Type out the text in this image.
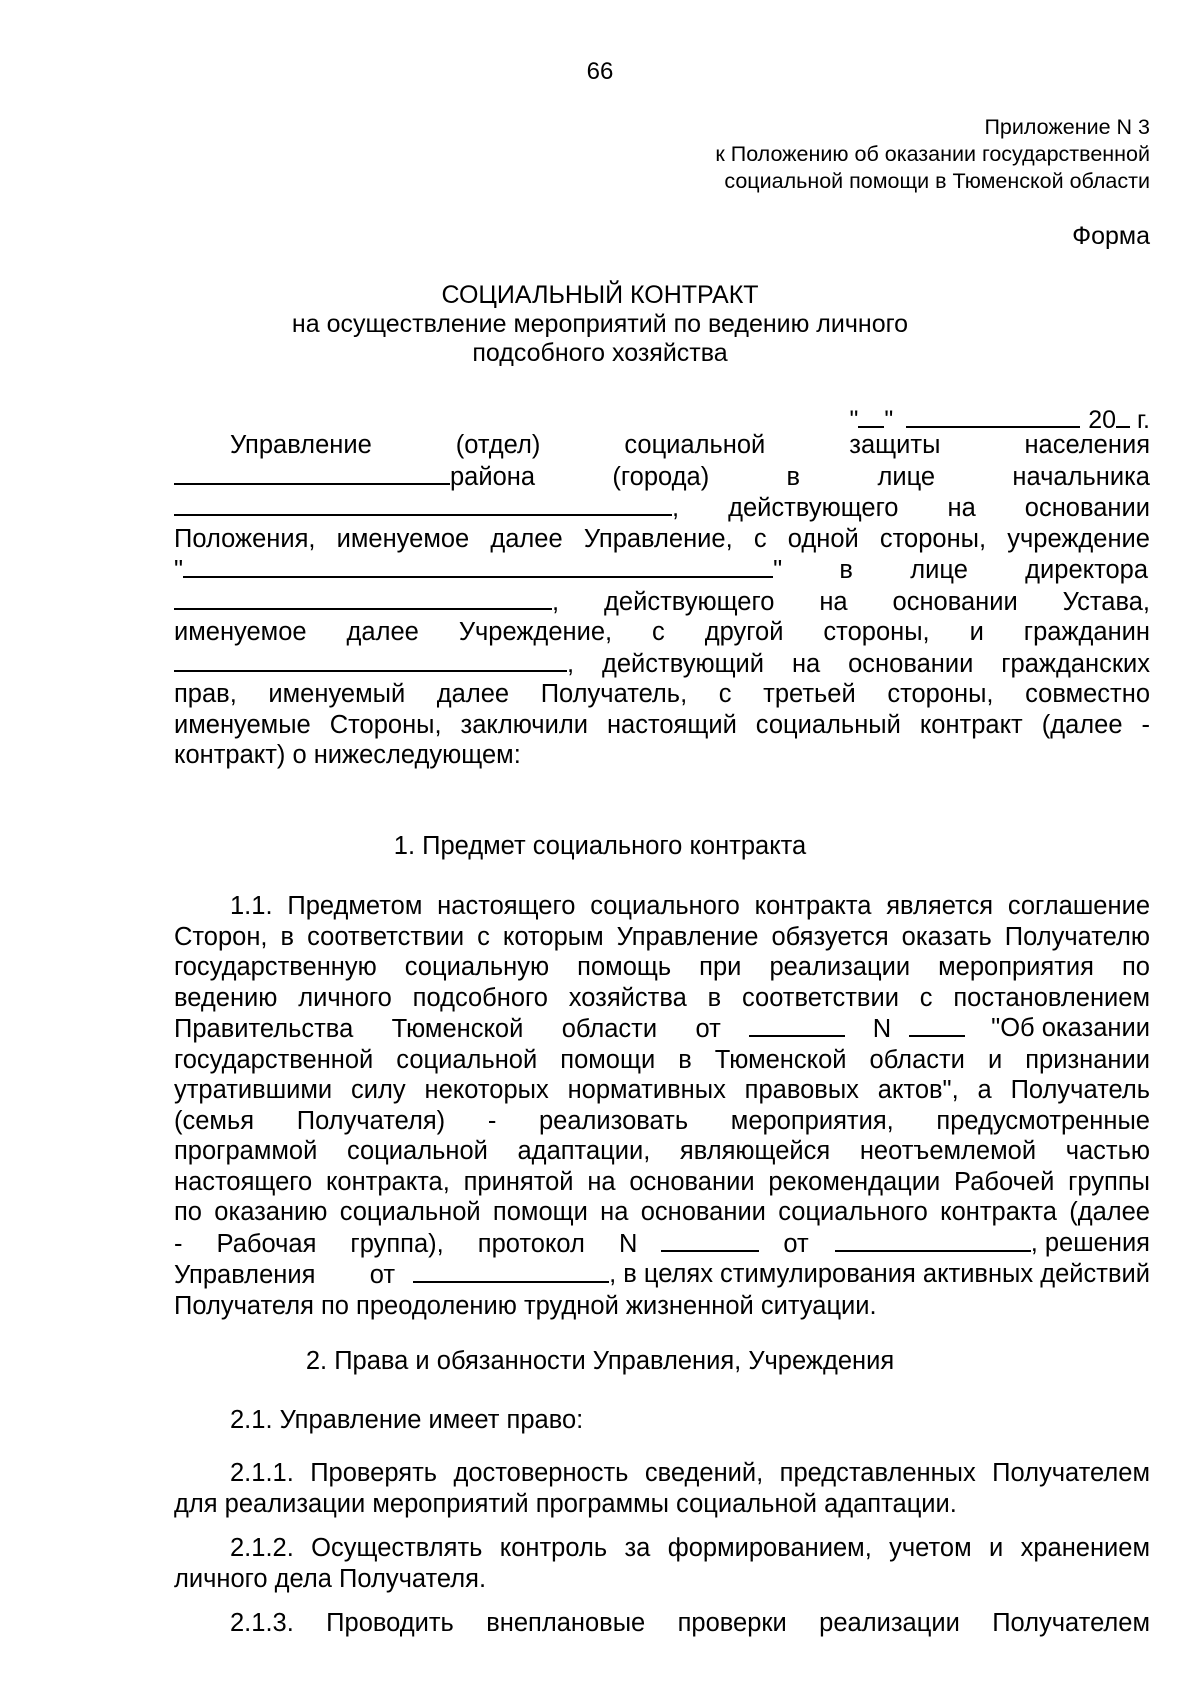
66
Приложение N 3
к Положению об оказании государственной
социальной помощи в Тюменской области
Форма
СОЦИАЛЬНЫЙ КОНТРАКТ
на осуществление мероприятий по ведению личного
подсобного хозяйства
" "	20 г.
Управление (отдел) социальной защиты населения
района (города) в лице начальника
, действующего на основании
Положения, именуемое далее Управление, с одной стороны, учреждение
"	" в лице директора
, действующего на основании Устава,
именуемое далее Учреждение, с другой стороны, и гражданин
, действующий на основании гражданских
прав, именуемый далее Получатель, с третьей стороны, совместно
именуемые Стороны, заключили настоящий социальный контракт (далее -
контракт) о нижеследующем:
1. Предмет социального контракта
1.1. Предметом настоящего социального контракта является соглашение
Сторон, в соответствии с которым Управление обязуется оказать Получателю
государственную социальную помощь при реализации мероприятия по
ведению личного подсобного хозяйства в соответствии с постановлением
Правительства Тюменской области от	N	"Об оказании
государственной социальной помощи в Тюменской области и признании
утратившими силу некоторых нормативных правовых актов", а Получатель
(семья Получателя) - реализовать мероприятия, предусмотренные
программой социальной адаптации, являющейся неотъемлемой частью
настоящего контракта, принятой на основании рекомендации Рабочей группы
по оказанию социальной помощи на основании социального контракта (далее
- Рабочая группа), протокол N	от	, решения
Управления от	, в целях стимулирования активных действий
Получателя по преодолению трудной жизненной ситуации.
2. Права и обязанности Управления, Учреждения
2.1. Управление имеет право:
2.1.1. Проверять достоверность сведений, представленных Получателем
для реализации мероприятий программы социальной адаптации.
2.1.2. Осуществлять контроль за формированием, учетом и хранением
личного дела Получателя.
2.1.3. Проводить внеплановые проверки реализации Получателем
